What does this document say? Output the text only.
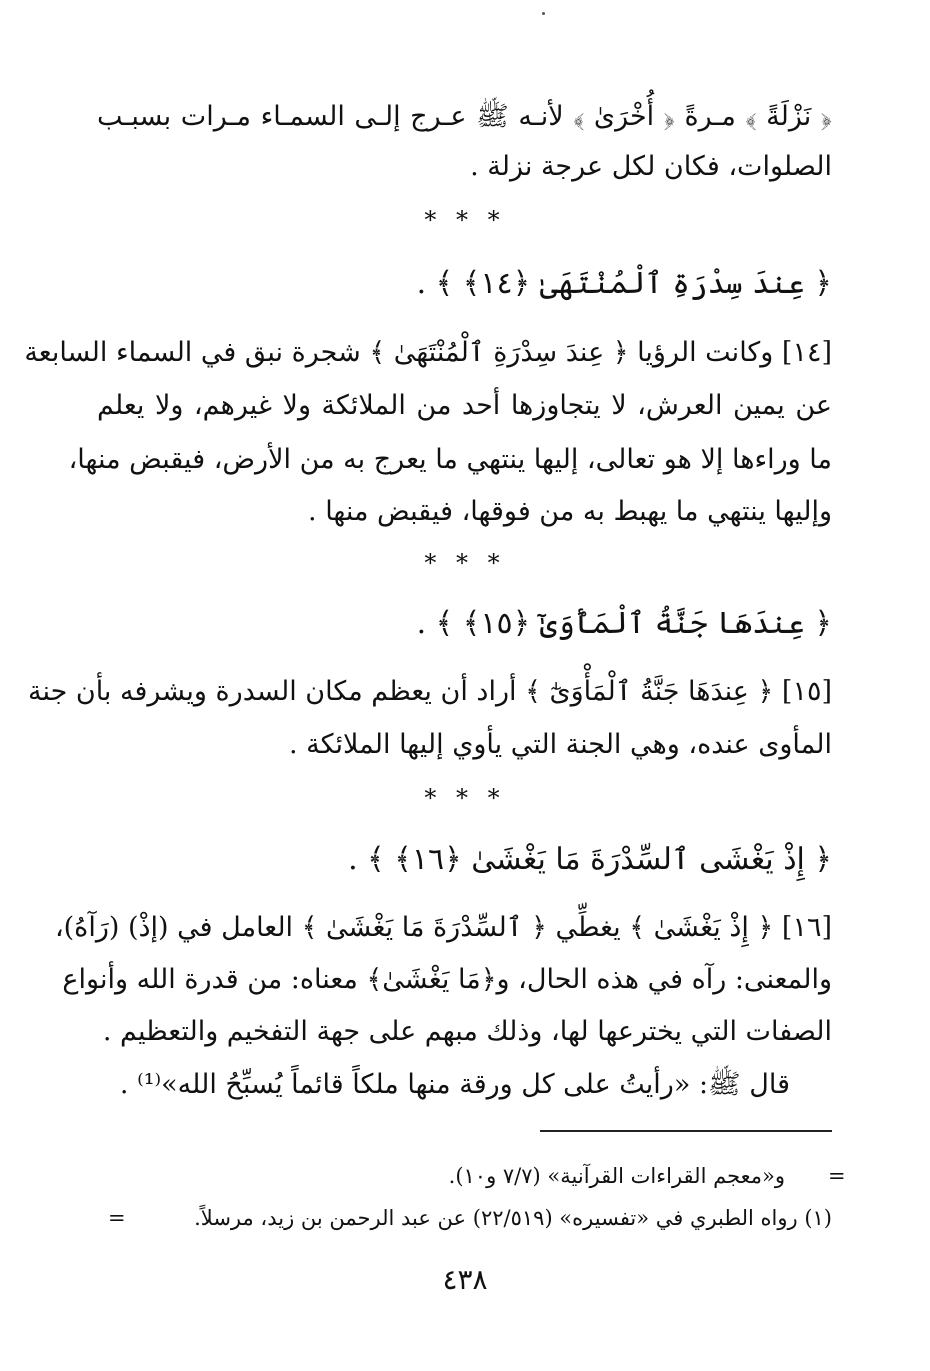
﴿ نَزْلَةً ﴾ مـرةً ﴿ أُخْرَىٰ ﴾ لأنـه ﷺ عـرج إلـى السمـاء مـرات بسبـب
الصلوات، فكان لكل عرجة نزلة .
* * *
﴿ عِندَ سِدْرَةِ ٱلْمُنْتَهَىٰ ﴿١٤﴾ ﴾ .
[١٤] وكانت الرؤيا ﴿ عِندَ سِدْرَةِ ٱلْمُنْتَهَىٰ ﴾ شجرة نبق في السماء السابعة
عن يمين العرش، لا يتجاوزها أحد من الملائكة ولا غيرهم، ولا يعلم
ما وراءها إلا هو تعالى، إليها ينتهي ما يعرج به من الأرض، فيقبض منها،
وإليها ينتهي ما يهبط به من فوقها، فيقبض منها .
* * *
﴿ عِندَهَا جَنَّةُ ٱلْمَأْوَىٰٓ ﴿١٥﴾ ﴾ .
[١٥] ﴿ عِندَهَا جَنَّةُ ٱلْمَأْوَىٰٓ ﴾ أراد أن يعظم مكان السدرة ويشرفه بأن جنة
المأوى عنده، وهي الجنة التي يأوي إليها الملائكة .
* * *
﴿ إِذْ يَغْشَى ٱلسِّدْرَةَ مَا يَغْشَىٰ ﴿١٦﴾ ﴾ .
[١٦] ﴿ إِذْ يَغْشَىٰ ﴾ يغطِّي ﴿ ٱلسِّدْرَةَ مَا يَغْشَىٰ ﴾ العامل في (إذْ) (رَآهُ)،
والمعنى: رآه في هذه الحال، و﴿مَا يَغْشَىٰ﴾ معناه: من قدرة الله وأنواع
الصفات التي يخترعها لها، وذلك مبهم على جهة التفخيم والتعظيم .
قال ﷺ: «رأيتُ على كل ورقة منها ملكاً قائماً يُسبِّحُ الله»⁽¹⁾ .
=
و«معجم القراءات القرآنية» (٧/٧ و١٠).
(١) رواه الطبري في «تفسيره» (٢٢/٥١٩) عن عبد الرحمن بن زيد، مرسلاً.
=
٤٣٨
